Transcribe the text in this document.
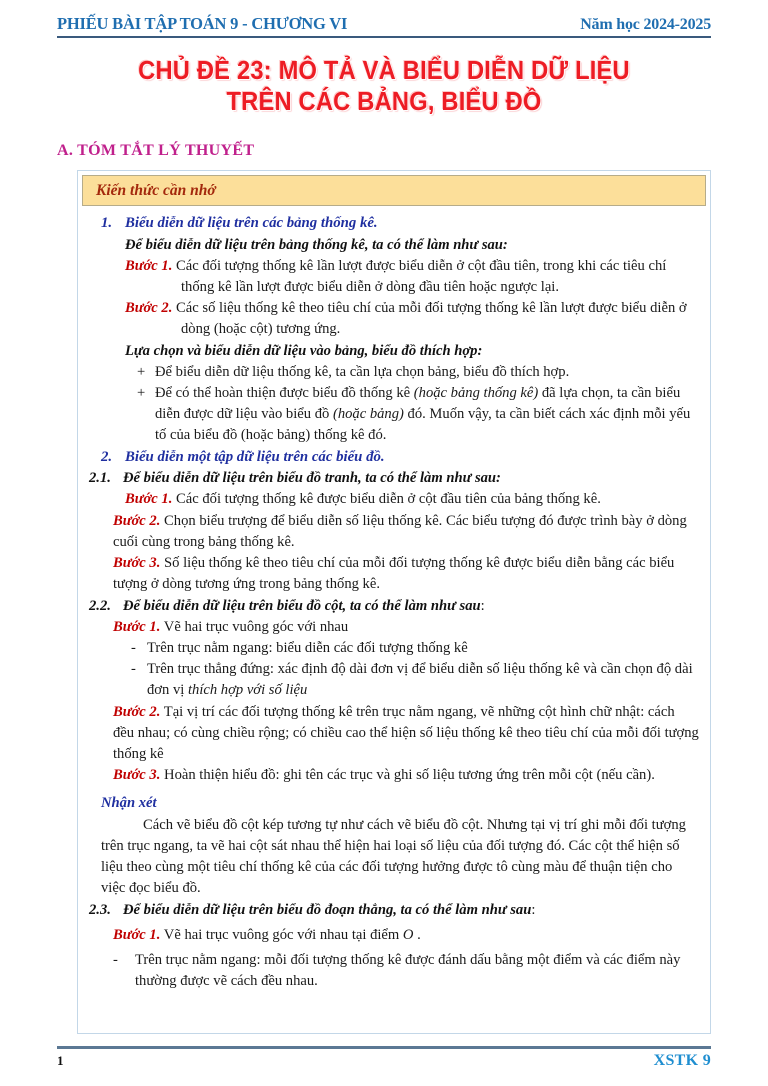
PHIẾU BÀI TẬP TOÁN 9 - CHƯƠNG VI	Năm học 2024-2025
CHỦ ĐỀ 23: MÔ TẢ VÀ BIỂU DIỄN DỮ LIỆU
TRÊN CÁC BẢNG, BIỂU ĐỒ
A. TÓM TẮT LÝ THUYẾT
Kiến thức cần nhớ
1. Biểu diễn dữ liệu trên các bảng thống kê.
Để biểu diễn dữ liệu trên bảng thống kê, ta có thể làm như sau:
Bước 1. Các đối tượng thống kê lần lượt được biểu diễn ở cột đầu tiên, trong khi các tiêu chí thống kê lần lượt được biểu diễn ở dòng đầu tiên hoặc ngược lại.
Bước 2. Các số liệu thống kê theo tiêu chí của mỗi đối tượng thống kê lần lượt được biểu diễn ở dòng (hoặc cột) tương ứng.
Lựa chọn và biểu diễn dữ liệu vào bảng, biểu đồ thích hợp:
+ Để biểu diễn dữ liệu thống kê, ta cần lựa chọn bảng, biểu đồ thích hợp.
+ Để có thể hoàn thiện được biểu đồ thống kê (hoặc bảng thống kê) đã lựa chọn, ta cần biểu diễn được dữ liệu vào biểu đồ (hoặc bảng) đó. Muốn vậy, ta cần biết cách xác định mỗi yếu tố của biểu đồ (hoặc bảng) thống kê đó.
2. Biểu diễn một tập dữ liệu trên các biểu đồ.
2.1. Để biểu diễn dữ liệu trên biểu đồ tranh, ta có thể làm như sau:
Bước 1. Các đối tượng thống kê được biểu diễn ở cột đầu tiên của bảng thống kê.
Bước 2. Chọn biểu trượng để biểu diễn số liệu thống kê. Các biểu tượng đó được trình bày ở dòng cuối cùng trong bảng thống kê.
Bước 3. Số liệu thống kê theo tiêu chí của mỗi đối tượng thống kê được biểu diễn bằng các biểu tượng ở dòng tương ứng trong bảng thống kê.
2.2. Để biểu diễn dữ liệu trên biểu đồ cột, ta có thể làm như sau:
Bước 1. Vẽ hai trục vuông góc với nhau
- Trên trục nằm ngang: biểu diễn các đối tượng thống kê
- Trên trục thẳng đứng: xác định độ dài đơn vị để biểu diễn số liệu thống kê và cần chọn độ dài đơn vị thích hợp với số liệu
Bước 2. Tại vị trí các đối tượng thống kê trên trục nằm ngang, vẽ những cột hình chữ nhật: cách đều nhau; có cùng chiều rộng; có chiều cao thể hiện số liệu thống kê theo tiêu chí của mỗi đối tượng thống kê
Bước 3. Hoàn thiện hiểu đồ: ghi tên các trục và ghi số liệu tương ứng trên mỗi cột (nếu cần).
Nhận xét
Cách vẽ biểu đồ cột kép tương tự như cách vẽ biểu đồ cột. Nhưng tại vị trí ghi mỗi đối tượng trên trục ngang, ta vẽ hai cột sát nhau thể hiện hai loại số liệu của đối tượng đó. Các cột thể hiện số liệu theo cùng một tiêu chí thống kê của các đối tượng hưởng được tô cùng màu để thuận tiện cho việc đọc biểu đồ.
2.3. Để biểu diễn dữ liệu trên biểu đồ đoạn thẳng, ta có thể làm như sau:
Bước 1. Vẽ hai trục vuông góc với nhau tại điểm O .
- Trên trục nằm ngang: mỗi đối tượng thống kê được đánh dấu bằng một điểm và các điểm này thường được vẽ cách đều nhau.
1	XSTK 9
